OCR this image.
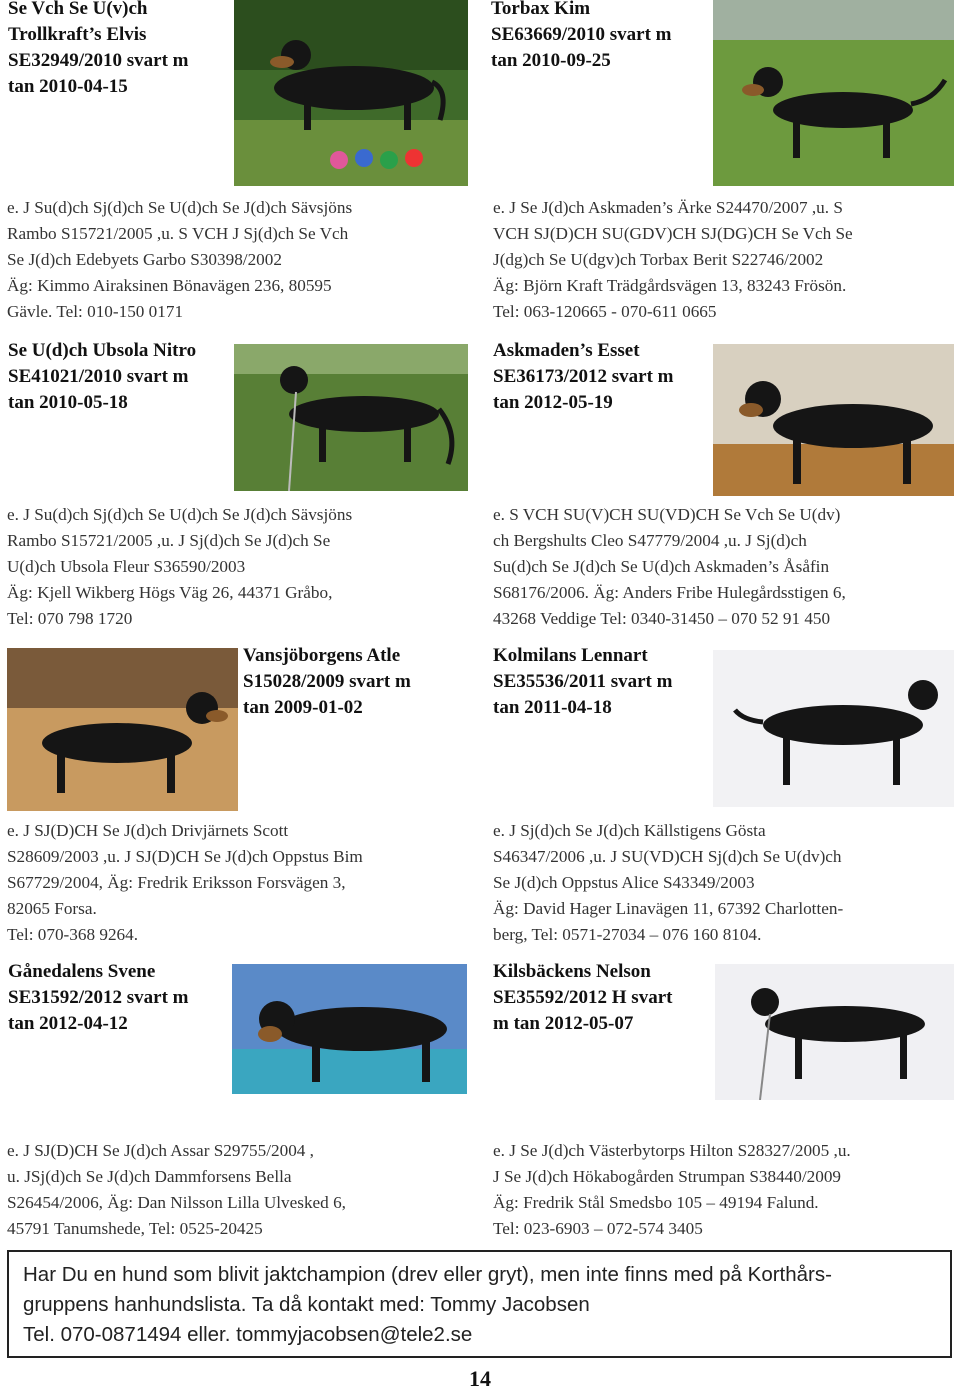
Se Vch Se U(v)ch
Trollkraft’s Elvis
SE32949/2010 svart m
tan 2010-04-15
Torbax Kim
SE63669/2010 svart m
tan 2010-09-25
e. J Su(d)ch Sj(d)ch Se U(d)ch Se J(d)ch Sävsjöns
Rambo S15721/2005 ,u. S VCH J Sj(d)ch Se Vch
Se J(d)ch Edebyets Garbo S30398/2002
Äg: Kimmo Airaksinen Bönavägen 236, 80595
Gävle. Tel: 010-150 0171
e. J Se J(d)ch Askmaden’s Ärke S24470/2007 ,u. S
VCH SJ(D)CH SU(GDV)CH SJ(DG)CH Se Vch Se
J(dg)ch Se U(dgv)ch Torbax Berit S22746/2002
Äg: Björn Kraft Trädgårdsvägen 13, 83243 Frösön.
Tel: 063-120665 - 070-611 0665
Se U(d)ch Ubsola Nitro
SE41021/2010 svart m
tan 2010-05-18
Askmaden’s Esset
SE36173/2012 svart m
tan 2012-05-19
e. J Su(d)ch Sj(d)ch Se U(d)ch Se J(d)ch Sävsjöns
Rambo S15721/2005 ,u. J Sj(d)ch Se J(d)ch Se
U(d)ch Ubsola Fleur S36590/2003
Äg: Kjell Wikberg Högs Väg 26, 44371 Gråbo,
Tel: 070 798 1720
e. S VCH SU(V)CH SU(VD)CH Se Vch Se U(dv)
ch Bergshults Cleo S47779/2004 ,u. J Sj(d)ch
Su(d)ch Se J(d)ch Se U(d)ch Askmaden’s Åsåfin
S68176/2006. Äg: Anders Fribe Hulegårdsstigen 6,
43268 Veddige Tel: 0340-31450 – 070 52 91 450
Vansjöborgens Atle
S15028/2009 svart m
tan 2009-01-02
Kolmilans Lennart
SE35536/2011 svart m
tan 2011-04-18
e. J SJ(D)CH Se J(d)ch Drivjärnets Scott
S28609/2003 ,u. J SJ(D)CH Se J(d)ch Oppstus Bim
S67729/2004, Äg: Fredrik Eriksson Forsvägen 3,
82065 Forsa.
Tel: 070-368 9264.
e. J Sj(d)ch Se J(d)ch Källstigens Gösta
S46347/2006 ,u. J SU(VD)CH Sj(d)ch Se U(dv)ch
Se J(d)ch Oppstus Alice S43349/2003
Äg: David Hager Linavägen 11, 67392 Charlotten-
berg, Tel: 0571-27034 – 076 160 8104.
Gånedalens Svene
SE31592/2012 svart m
tan 2012-04-12
Kilsbäckens Nelson
SE35592/2012 H svart
m tan 2012-05-07
e. J SJ(D)CH Se J(d)ch Assar S29755/2004 ,
u. JSj(d)ch Se J(d)ch Dammforsens Bella
S26454/2006, Äg: Dan Nilsson Lilla Ulvesked 6,
45791 Tanumshede, Tel: 0525-20425
e. J Se J(d)ch Västerbytorps Hilton S28327/2005 ,u.
J Se J(d)ch Hökabogården Strumpan S38440/2009
Äg: Fredrik Stål Smedsbo 105 – 49194 Falund.
Tel: 023-6903 – 072-574 3405
Har Du en hund som blivit jaktchampion (drev eller gryt), men inte finns med på Korthårs-
gruppens hanhundslista. Ta då kontakt med: Tommy Jacobsen
Tel. 070-0871494 eller. tommyjacobsen@tele2.se
14
